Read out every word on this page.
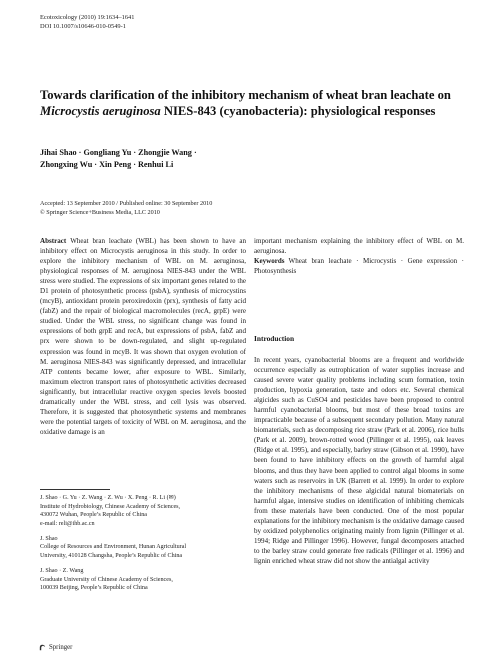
Ecotoxicology (2010) 19:1634–1641
DOI 10.1007/s10646-010-0549-1
Towards clarification of the inhibitory mechanism of wheat bran leachate on Microcystis aeruginosa NIES-843 (cyanobacteria): physiological responses
Jihai Shao · Gongliang Yu · Zhongjie Wang ·
Zhongxing Wu · Xin Peng · Renhui Li
Accepted: 13 September 2010 / Published online: 30 September 2010
© Springer Science+Business Media, LLC 2010

Abstract Wheat bran leachate (WBL) has been shown to have an inhibitory effect on Microcystis aeruginosa in this study. In order to explore the inhibitory mechanism of WBL on M. aeruginosa, physiological responses of M. aeruginosa NIES-843 under the WBL stress were studied. The expressions of six important genes related to the D1 protein of photosynthetic process (psbA), synthesis of microcystins (mcyB), antioxidant protein peroxiredoxin (prx), synthesis of fatty acid (fabZ) and the repair of biological macromolecules (recA, grpE) were studied. Under the WBL stress, no significant change was found in expressions of both grpE and recA, but expressions of psbA, fabZ and prx were shown to be down-regulated, and slight up-regulated expression was found in mcyB. It was shown that oxygen evolution of M. aeruginosa NIES-843 was significantly depressed, and intracellular ATP contents became lower, after exposure to WBL. Similarly, maximum electron transport rates of photosynthetic activities decreased significantly, but intracellular reactive oxygen species levels boosted dramatically under the WBL stress, and cell lysis was observed. Therefore, it is suggested that photosynthetic systems and membranes were the potential targets of toxicity of WBL on M. aeruginosa, and the oxidative damage is an

important mechanism explaining the inhibitory effect of WBL on M. aeruginosa.

Keywords Wheat bran leachate · Microcystis · Gene expression · Photosynthesis

Introduction

In recent years, cyanobacterial blooms are a frequent and worldwide occurrence especially as eutrophication of water supplies increase and caused severe water quality problems including scum formation, toxin production, hypoxia generation, taste and odors etc. Several chemical algicides such as CuSO4 and pesticides have been proposed to control harmful cyanobacterial blooms, but most of these broad toxins are impracticable because of a subsequent secondary pollution. Many natural biomaterials, such as decomposing rice straw (Park et al. 2006), rice hulls (Park et al. 2009), brown-rotted wood (Pillinger et al. 1995), oak leaves (Ridge et al. 1995), and especially, barley straw (Gibson et al. 1990), have been found to have inhibitory effects on the growth of harmful algal blooms, and thus they have been applied to control algal blooms in some waters such as reservoirs in UK (Barrett et al. 1999). In order to explore the inhibitory mechanisms of these algicidal natural biomaterials on harmful algae, intensive studies on identification of inhibiting chemicals from these materials have been conducted. One of the most popular explanations for the inhibitory mechanism is the oxidative damage caused by oxidized polyphenolics originating mainly from lignin (Pillinger et al. 1994; Ridge and Pillinger 1996). However, fungal decomposers attached to the barley straw could generate free radicals (Pillinger et al. 1996) and lignin enriched wheat straw did not show the antialgal activity

J. Shao · G. Yu · Z. Wang · Z. Wu · X. Peng · R. Li (✉)
Institute of Hydrobiology, Chinese Academy of Sciences,
430072 Wuhan, People’s Republic of China
e-mail: reli@ihb.ac.cn
J. Shao
College of Resources and Environment, Hunan Agricultural
University, 410128 Changsha, People’s Republic of China
J. Shao · Z. Wang
Graduate University of Chinese Academy of Sciences,
100039 Beijing, People’s Republic of China
Springer
